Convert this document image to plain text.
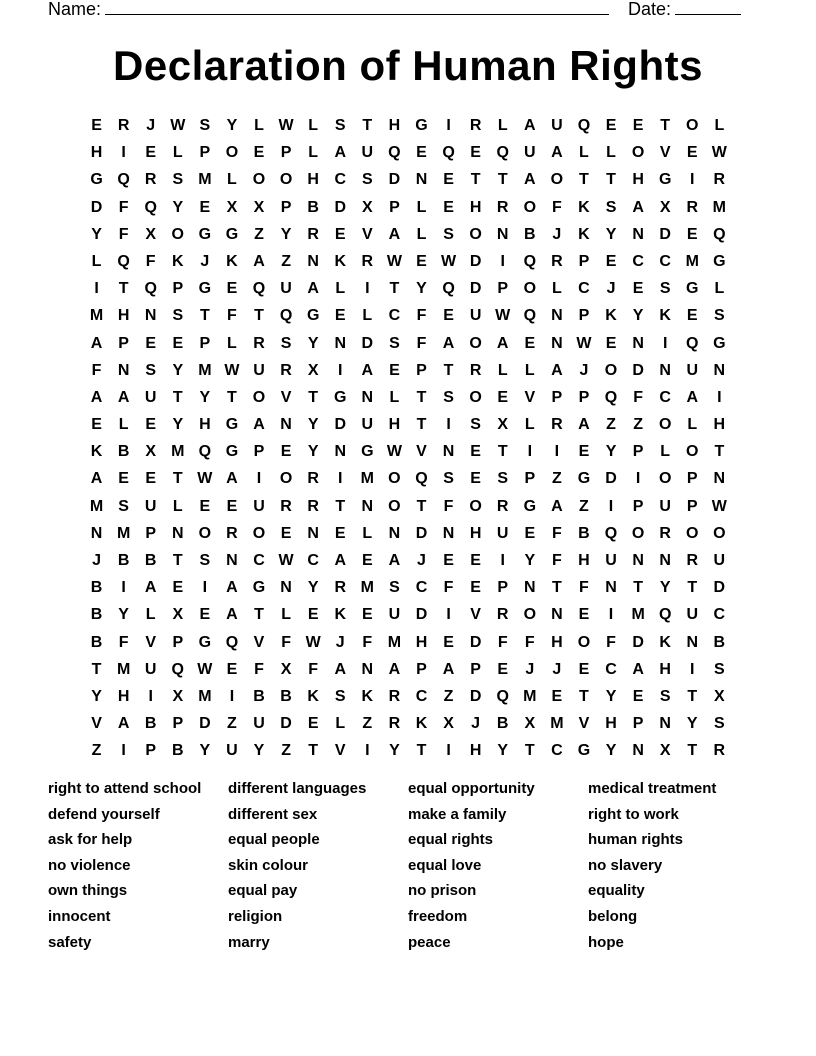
Name:	Date:
Declaration of Human Rights
E R	J W S	Y	L W L	S	T	H G	I	R	L	A U Q E	E	T O L
H	I	E	L	P O E	P	L	A U Q E Q E Q U A	L	L O V	E W
G Q R S M L O O H C S D N E	T	T	A O T	T	H G	I	R
D	F Q Y	E	X	X	P B D X	P	L	E H R O F	K S A X R M
Y	F	X O G G Z	Y R E	V A	L	S O N B	J	K Y N D E Q
L Q F	K	J	K A	Z	N K R W E W D	I	Q R P	E C C M G
I	T Q P G E Q U A	L	I	T	Y Q D P O L	C	J	E	S G L
M H N S	T	F	T Q G E	L	C	F	E U W Q N P K Y K E	S
A P	E	E	P	L	R S	Y N D S	F	A O A E N W E N	I	Q G
F	N S	Y M W U R X	I	A E	P	T	R	L	L	A	J	O D N U N
A A U	T	Y	T O V	T G N	L	T	S O E	V	P	P Q F	C A	I
E	L	E	Y H G A N Y D U H	T	I	S	X	L	R A	Z	Z O L	H
K B X M Q G P	E	Y N G W V N E	T	I	I	E	Y	P	L O T
A E	E	T W A	I	O R	I	M O Q S	E	S	P	Z G D	I	O P N
M S U	L	E	E U R R	T	N O T	F O R G A	Z	I	P U P W
N M P N O R O E N E	L	N D N H U E	F	B Q O R O O
J	B B	T	S N C W C A E A	J	E	E	I	Y	F	H U N N R U
B	I	A E	I	A G N Y R M S C	F	E	P N	T	F	N	T	Y	T	D
B Y	L	X	E A	T	L	E K E U D	I	V R O N E	I	M Q U C
B	F	V	P G Q V	F W J	F M H E D	F	F	H O F	D K N B
T M U Q W E	F	X	F	A N A P A P	E	J	J	E C A H	I	S
Y H	I	X M	I	B B K S K R C	Z	D Q M E	T	Y	E	S	T	X
V A B P D	Z	U D E	L	Z	R K X	J	B X M V H P N Y	S
Z	I	P B Y U Y	Z	T	V	I	Y	T	I	H Y	T	C G Y N X	T	R
right to attend school	different languages	equal opportunity	medical treatment
defend yourself	different sex	make a family	right to work
ask for help	equal people	equal rights	human rights
no violence	skin colour	equal love	no slavery
own things	equal pay	no prison	equality
innocent	religion	freedom	belong
safety	marry	peace	hope
